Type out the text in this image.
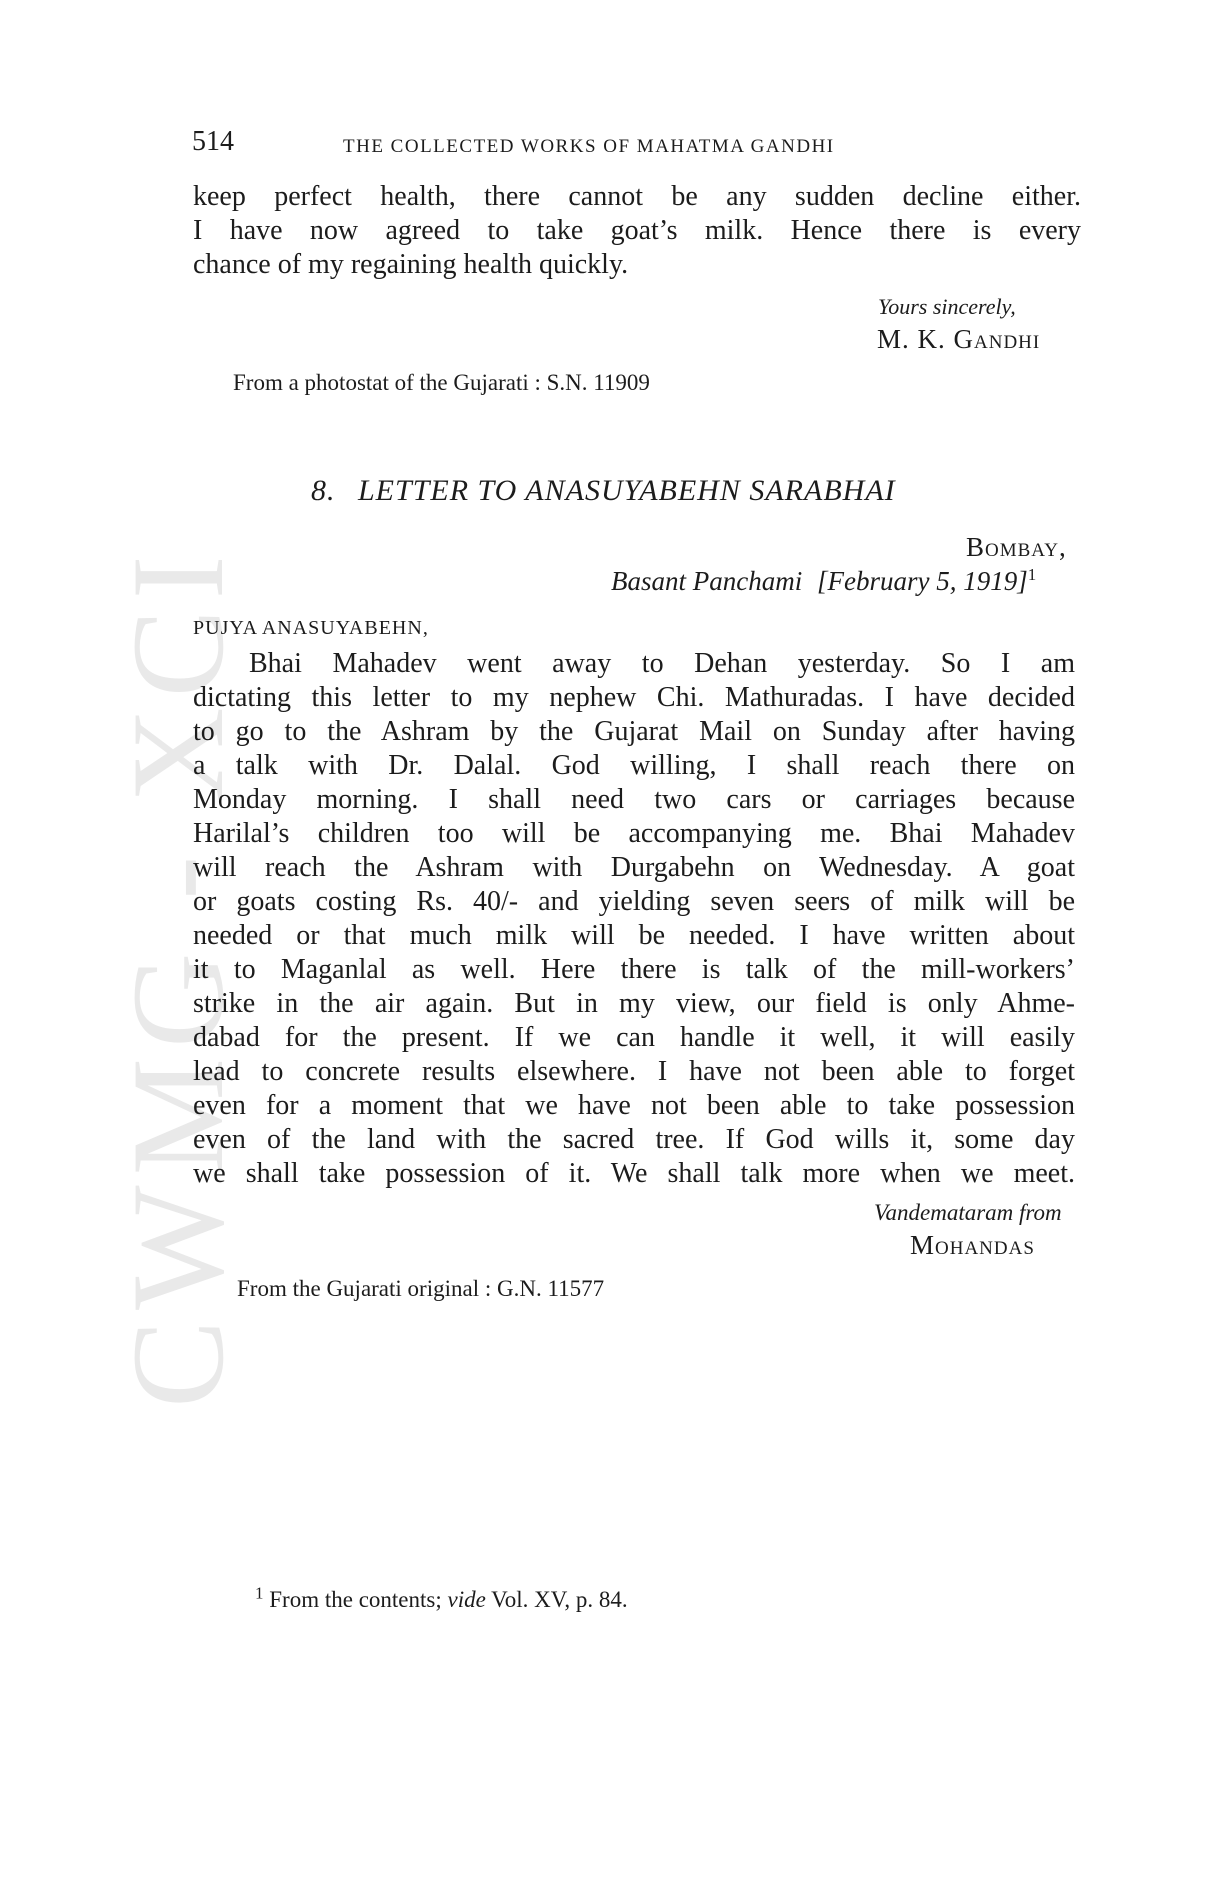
CWMG - XCI
514	THE COLLECTED WORKS OF MAHATMA GANDHI
keep perfect health, there cannot be any sudden decline either.
I have now agreed to take goat’s milk. Hence there is every
chance of my regaining health quickly.
Yours sincerely,
M. K. Gandhi
From a photostat of the Gujarati : S.N. 11909
8. LETTER TO ANASUYABEHN SARABHAI
Bombay,
Basant Panchami [February 5, 1919]$^1$
PUJYA ANASUYABEHN,
Bhai Mahadev went away to Dehan yesterday. So I am
dictating this letter to my nephew Chi. Mathuradas. I have decided
to go to the Ashram by the Gujarat Mail on Sunday after having
a talk with Dr. Dalal. God willing, I shall reach there on
Monday morning. I shall need two cars or carriages because
Harilal’s children too will be accompanying me. Bhai Mahadev
will reach the Ashram with Durgabehn on Wednesday. A goat
or goats costing Rs. 40/- and yielding seven seers of milk will be
needed or that much milk will be needed. I have written about
it to Maganlal as well. Here there is talk of the mill-workers’
strike in the air again. But in my view, our field is only Ahme-
dabad for the present. If we can handle it well, it will easily
lead to concrete results elsewhere. I have not been able to forget
even for a moment that we have not been able to take possession
even of the land with the sacred tree. If God wills it, some day
we shall take possession of it. We shall talk more when we meet.
Vandemataram from
Mohandas
From the Gujarati original : G.N. 11577
$^1$ From the contents; vide Vol. XV, p. 84.
